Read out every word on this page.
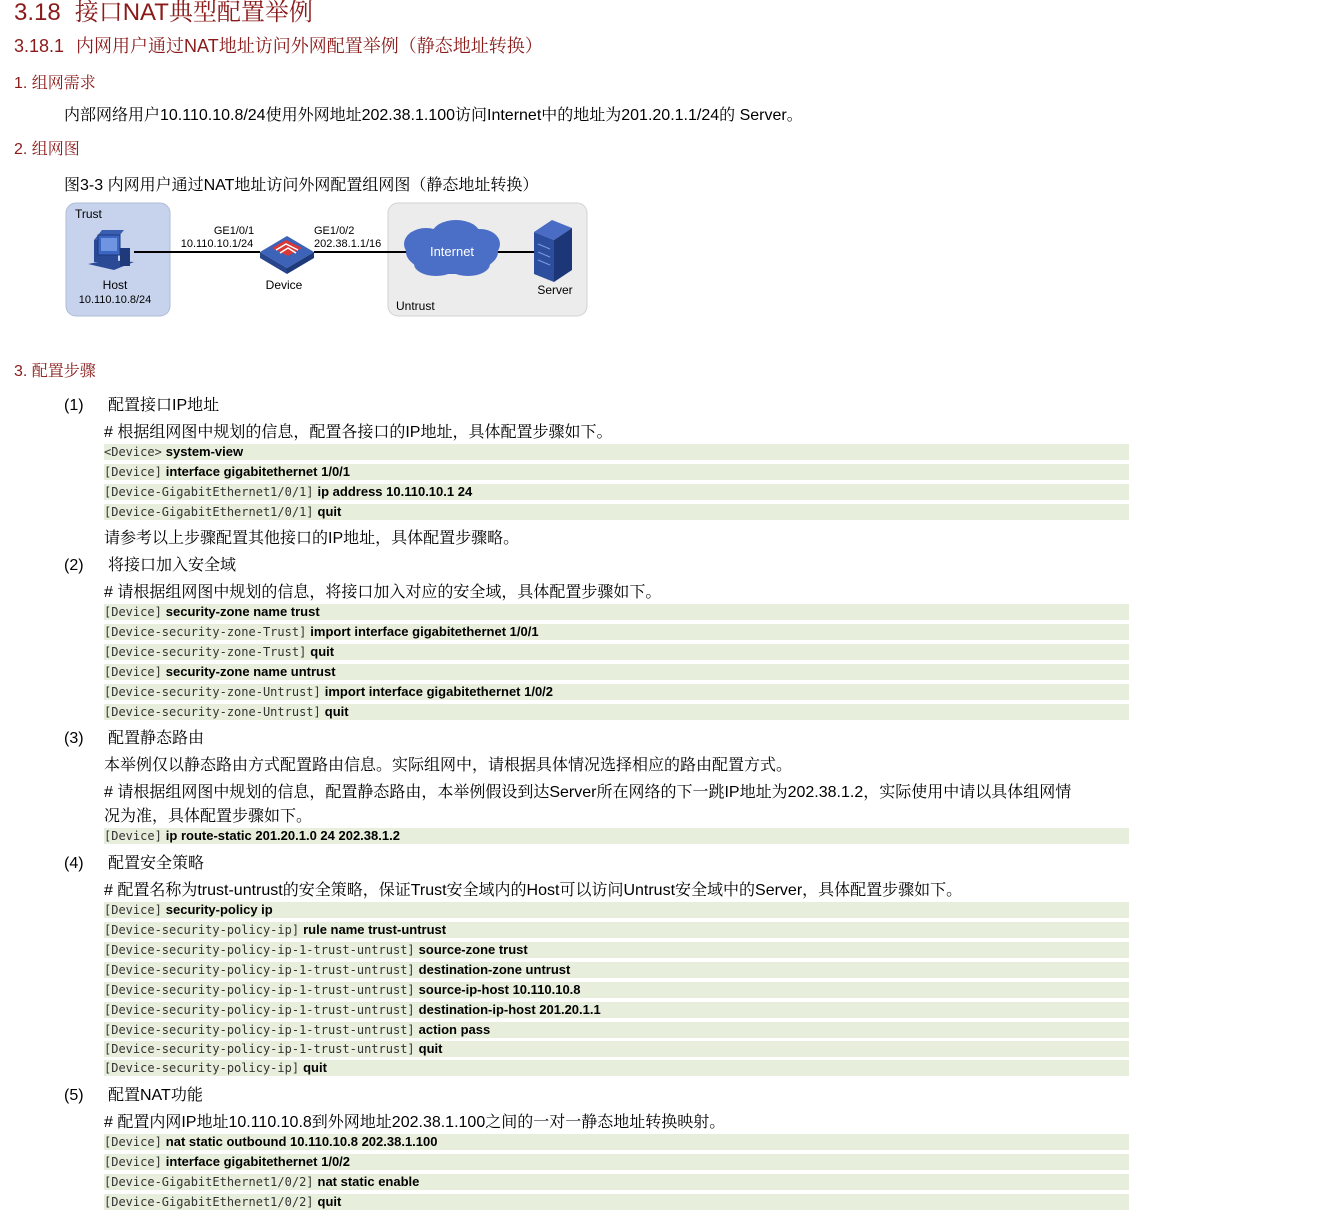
3.18 接口NAT典型配置举例
3.18.1 内网用户通过NAT地址访问外网配置举例（静态地址转换）
1. 组网需求
内部网络用户10.110.10.8/24使用外网地址202.38.1.100访问Internet中的地址为201.20.1.1/24的 Server。
2. 组网图
图3-3 内网用户通过NAT地址访问外网配置组网图（静态地址转换）
Trust
Host
10.110.10.8/24
GE1/0/1
10.110.10.1/24
Device
GE1/0/2
202.38.1.1/16	Internet
Server
Untrust
3. 配置步骤
(1) 配置接口IP地址
# 根据组网图中规划的信息，配置各接口的IP地址，具体配置步骤如下。
<Device> system-view
[Device] interface gigabitethernet 1/0/1
[Device-GigabitEthernet1/0/1] ip address 10.110.10.1 24
[Device-GigabitEthernet1/0/1] quit
请参考以上步骤配置其他接口的IP地址，具体配置步骤略。
(2) 将接口加入安全域
# 请根据组网图中规划的信息，将接口加入对应的安全域，具体配置步骤如下。
[Device] security-zone name trust
[Device-security-zone-Trust] import interface gigabitethernet 1/0/1
[Device-security-zone-Trust] quit
[Device] security-zone name untrust
[Device-security-zone-Untrust] import interface gigabitethernet 1/0/2
[Device-security-zone-Untrust] quit
(3) 配置静态路由
本举例仅以静态路由方式配置路由信息。实际组网中，请根据具体情况选择相应的路由配置方式。
# 请根据组网图中规划的信息，配置静态路由，本举例假设到达Server所在网络的下一跳IP地址为202.38.1.2，实际使用中请以具体组网情
况为准，具体配置步骤如下。
[Device] ip route-static 201.20.1.0 24 202.38.1.2
(4) 配置安全策略
# 配置名称为trust-untrust的安全策略，保证Trust安全域内的Host可以访问Untrust安全域中的Server，具体配置步骤如下。
[Device] security-policy ip
[Device-security-policy-ip] rule name trust-untrust
[Device-security-policy-ip-1-trust-untrust] source-zone trust
[Device-security-policy-ip-1-trust-untrust] destination-zone untrust
[Device-security-policy-ip-1-trust-untrust] source-ip-host 10.110.10.8
[Device-security-policy-ip-1-trust-untrust] destination-ip-host 201.20.1.1
[Device-security-policy-ip-1-trust-untrust] action pass
[Device-security-policy-ip-1-trust-untrust] quit
[Device-security-policy-ip] quit
(5) 配置NAT功能
# 配置内网IP地址10.110.10.8到外网地址202.38.1.100之间的一对一静态地址转换映射。
[Device] nat static outbound 10.110.10.8 202.38.1.100
[Device] interface gigabitethernet 1/0/2
[Device-GigabitEthernet1/0/2] nat static enable
[Device-GigabitEthernet1/0/2] quit
